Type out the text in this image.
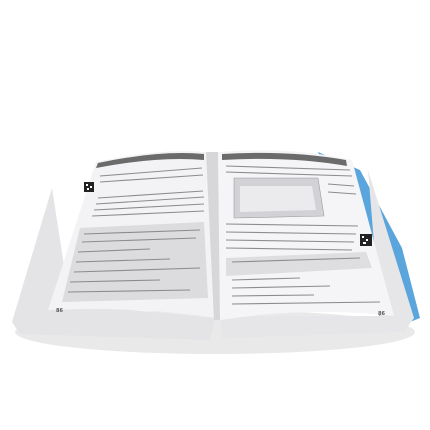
86	86
